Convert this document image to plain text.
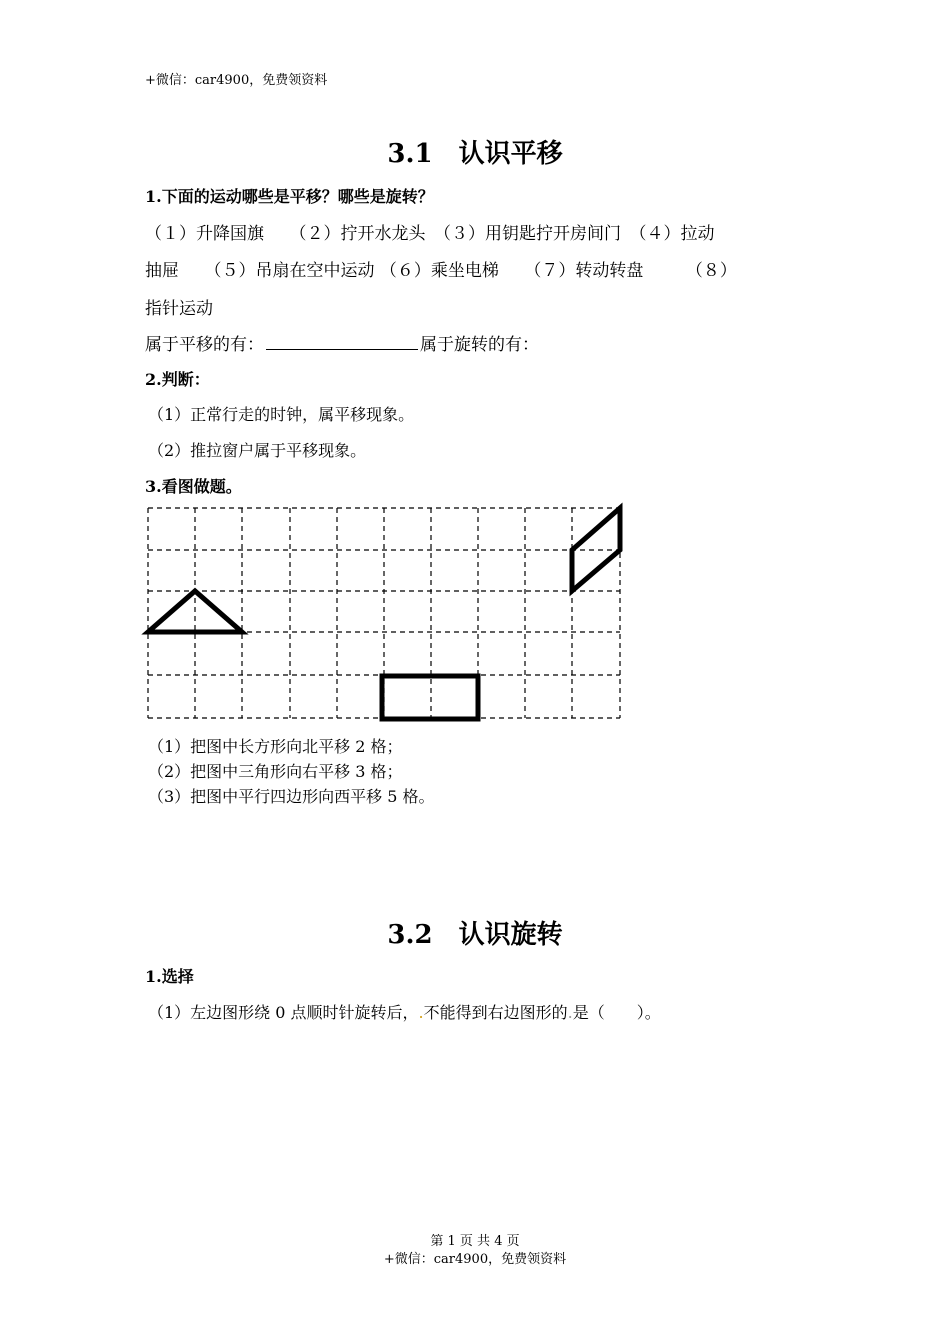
+微信：car4900，免费领资料
3.1　认识平移
1.下面的运动哪些是平移？哪些是旋转？
（１）升降国旗　　（２）拧开水龙头　（３）用钥匙拧开房间门　（４）拉动
抽屉　　（５）吊扇在空中运动 （６）乘坐电梯　　（７）转动转盘　　　（８）
指针运动
属于平移的有：	属于旋转的有：
2.判断：
（1）正常行走的时钟，属平移现象。
（2）推拉窗户属于平移现象。
3.看图做题。
（1）把图中长方形向北平移 2 格；
（2）把图中三角形向右平移 3 格；
（3）把图中平行四边形向西平移 5 格。
3.2　认识旋转
1.选择
（1）左边图形绕 0 点顺时针旋转后，.不能得到右边图形的.是（　　）。
第 1 页 共 4 页
+微信：car4900，免费领资料
